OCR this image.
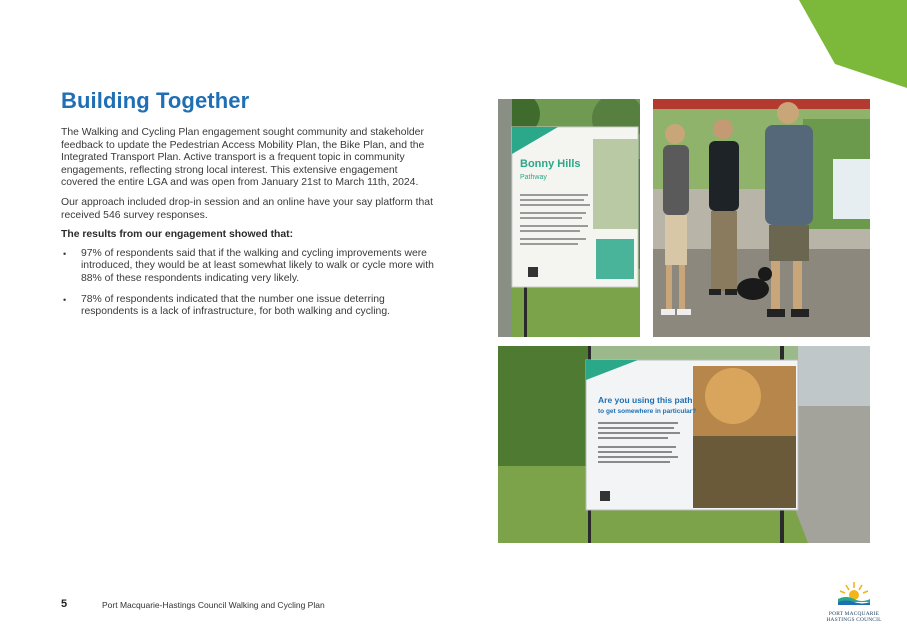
Building Together

The Walking and Cycling Plan engagement sought community and stakeholder feedback to update the Pedestrian Access Mobility Plan, the Bike Plan, and the Integrated Transport Plan. Active transport is a frequent topic in community engagements, reflecting strong local interest. This extensive engagement covered the entire LGA and was open from January 21st to March 11th, 2024.

Our approach included drop-in session and an online have your say platform that received 546 survey responses.

The results from our engagement showed that:

• 97% of respondents said that if the walking and cycling improvements were introduced, they would be at least somewhat likely to walk or cycle more with 88% of these respondents indicating very likely.
• 78% of respondents indicated that the number one issue deterring respondents is a lack of infrastructure, for both walking and cycling.
Bonny Hills
Pathway
Are you using this path
to get somewhere in particular?
5	Port Macquarie-Hastings Council Walking and Cycling Plan
PORT MACQUARIE
HASTINGS COUNCIL
